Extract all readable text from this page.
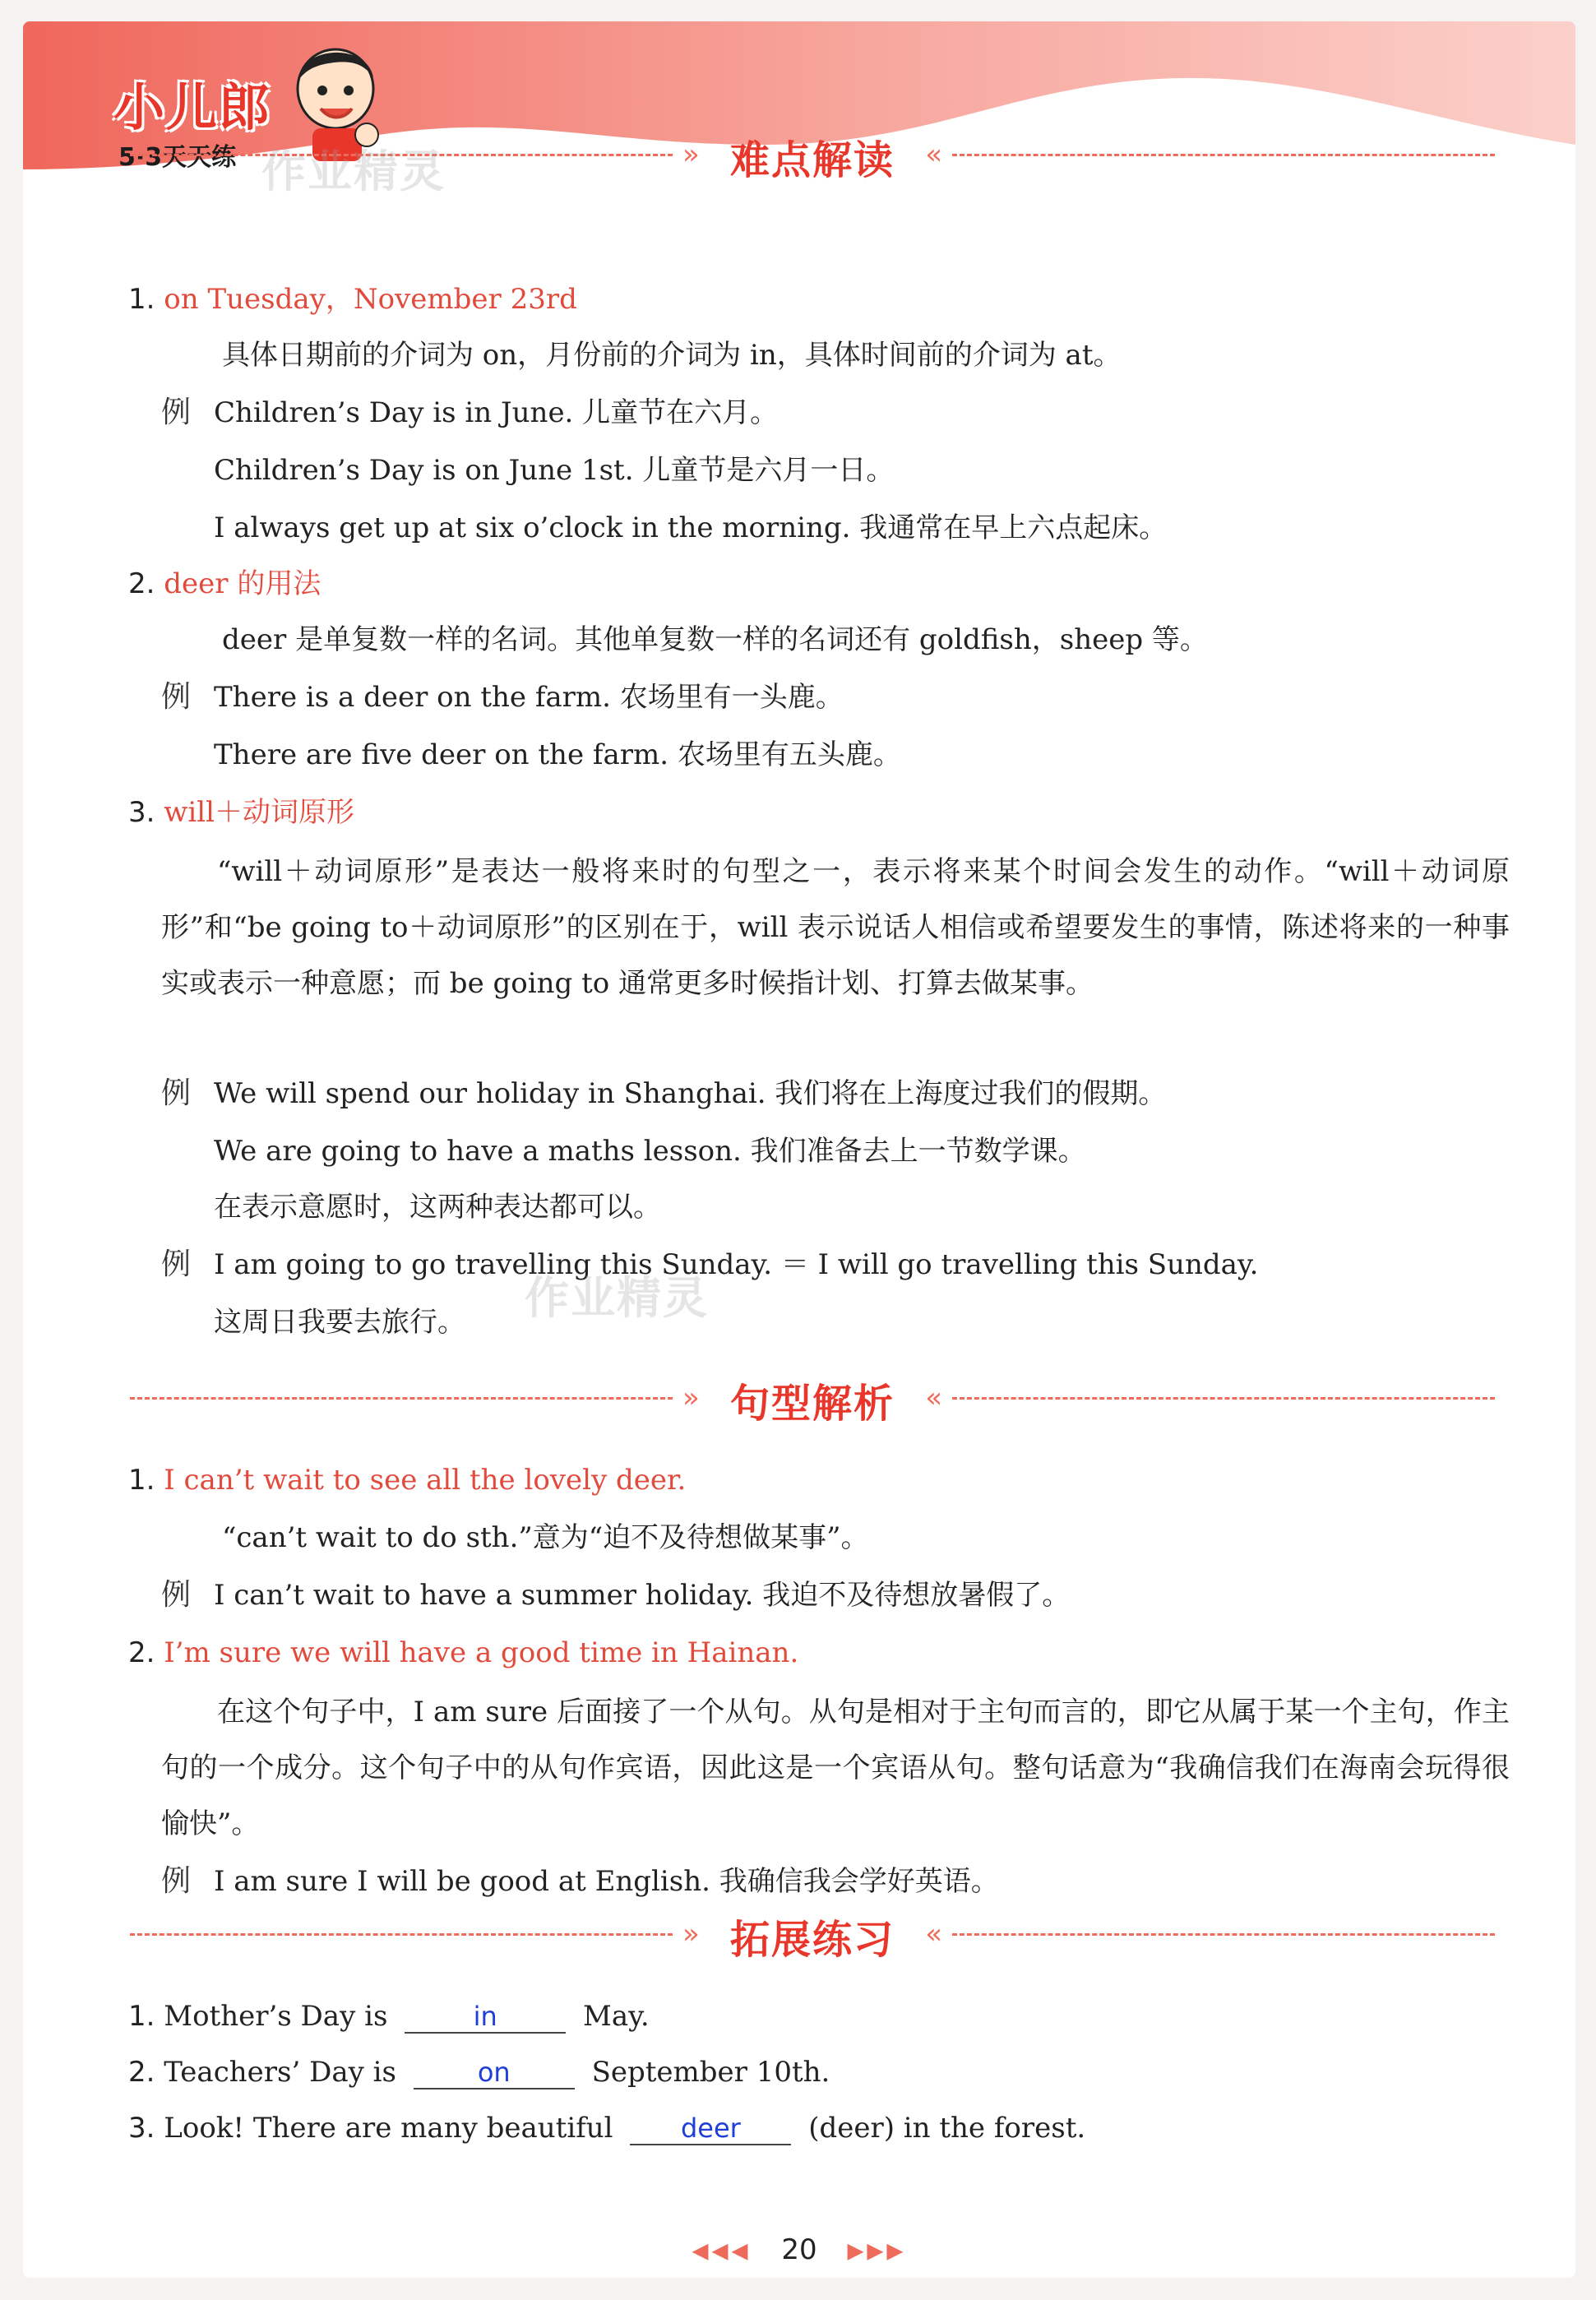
小儿郎
5·3天天练	» 难点解读	«
作业精灵
1. on Tuesday，November 23rd
具体日期前的介词为 on，月份前的介词为 in，具体时间前的介词为 at。
例 Children’s Day is in June. 儿童节在六月。
Children’s Day is on June 1st. 儿童节是六月一日。
I always get up at six o’clock in the morning. 我通常在早上六点起床。
2. deer 的用法
deer 是单复数一样的名词。其他单复数一样的名词还有 goldfish，sheep 等。
例 There is a deer on the farm. 农场里有一头鹿。
There are five deer on the farm. 农场里有五头鹿。
3. will＋动词原形
“will＋动词原形”是表达一般将来时的句型之一，表示将来某个时间会发生的动作。“will＋动词原形”和“be going to＋动词原形”的区别在于，will 表示说话人相信或希望要发生的事情，陈述将来的一种事实或表示一种意愿；而 be going to 通常更多时候指计划、打算去做某事。
例 We will spend our holiday in Shanghai. 我们将在上海度过我们的假期。
We are going to have a maths lesson. 我们准备去上一节数学课。
在表示意愿时，这两种表达都可以。
例 I am going to go travelling this Sunday. ＝ I will go travelling this Sunday.
这周日我要去旅行。 作业精灵
» 句型解析	«
1. I can’t wait to see all the lovely deer.
“can’t wait to do sth.”意为“迫不及待想做某事”。
例 I can’t wait to have a summer holiday. 我迫不及待想放暑假了。
2. I’m sure we will have a good time in Hainan.
在这个句子中，I am sure 后面接了一个从句。从句是相对于主句而言的，即它从属于某一个主句，作主句的一个成分。这个句子中的从句作宾语，因此这是一个宾语从句。整句话意为“我确信我们在海南会玩得很愉快”。
例 I am sure I will be good at English. 我确信我会学好英语。
» 拓展练习	«
1. Mother’s Day is	in	May.
2. Teachers’ Day is	on	September 10th.
3. Look! There are many beautiful	deer (deer) in the forest.
◀◀◀ 20 ▶▶▶
